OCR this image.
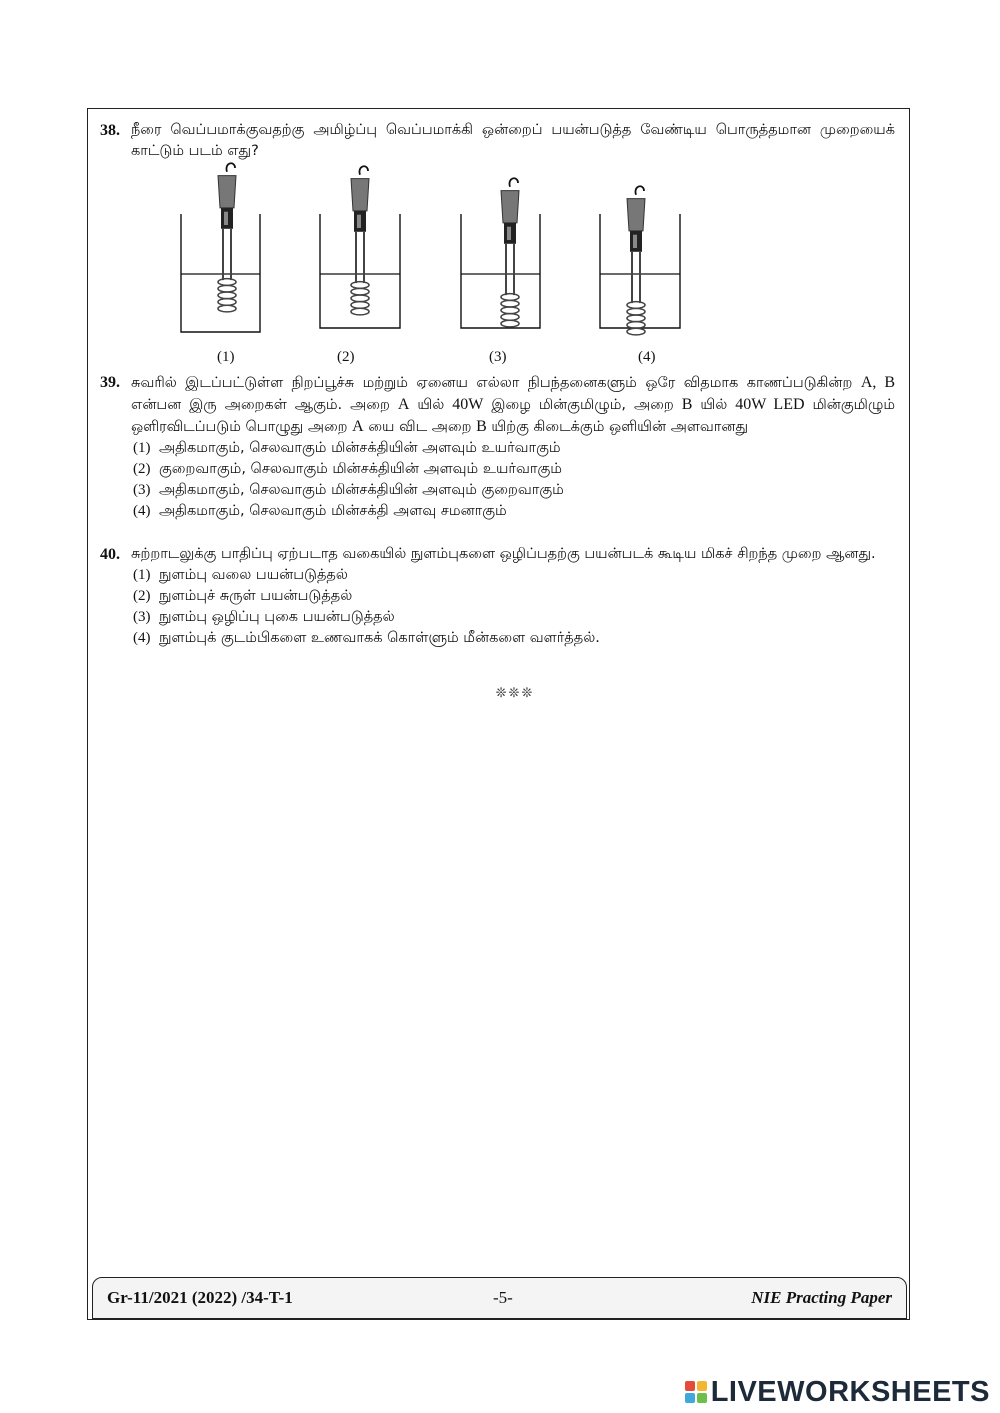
38. நீரை வெப்பமாக்குவதற்கு அமிழ்ப்பு வெப்பமாக்கி ஒன்றைப் பயன்படுத்த வேண்டிய பொருத்தமான முறையைக் காட்டும் படம் எது?
(1)	(2)	(3)	(4)
39. சுவரில் இடப்பட்டுள்ள நிறப்பூச்சு மற்றும் ஏனைய எல்லா நிபந்தனைகளும் ஒரே விதமாக காணப்படுகின்ற A, B என்பன இரு அறைகள் ஆகும். அறை A யில் 40W இழை மின்குமிழும், அறை B யில் 40W LED மின்குமிழும் ஒளிரவிடப்படும் பொழுது அறை A யை விட அறை B யிற்கு கிடைக்கும் ஒளியின் அளவானது
(1) அதிகமாகும், செலவாகும் மின்சக்தியின் அளவும் உயர்வாகும்
(2) குறைவாகும், செலவாகும் மின்சக்தியின் அளவும் உயர்வாகும்
(3) அதிகமாகும், செலவாகும் மின்சக்தியின் அளவும் குறைவாகும்
(4) அதிகமாகும், செலவாகும் மின்சக்தி அளவு சமனாகும்
40. சுற்றாடலுக்கு பாதிப்பு ஏற்படாத வகையில் நுளம்புகளை ஒழிப்பதற்கு பயன்படக் கூடிய மிகச் சிறந்த முறை ஆனது.
(1) நுளம்பு வலை பயன்படுத்தல்
(2) நுளம்புச் சுருள் பயன்படுத்தல்
(3) நுளம்பு ஒழிப்பு புகை பயன்படுத்தல்
(4) நுளம்புக் குடம்பிகளை உணவாகக் கொள்ளும் மீன்களை வளர்த்தல்.
❊❊❊
Gr-11/2021 (2022) /34-T-1	-5-	NIE Practing Paper
LIVEWORKSHEETS
